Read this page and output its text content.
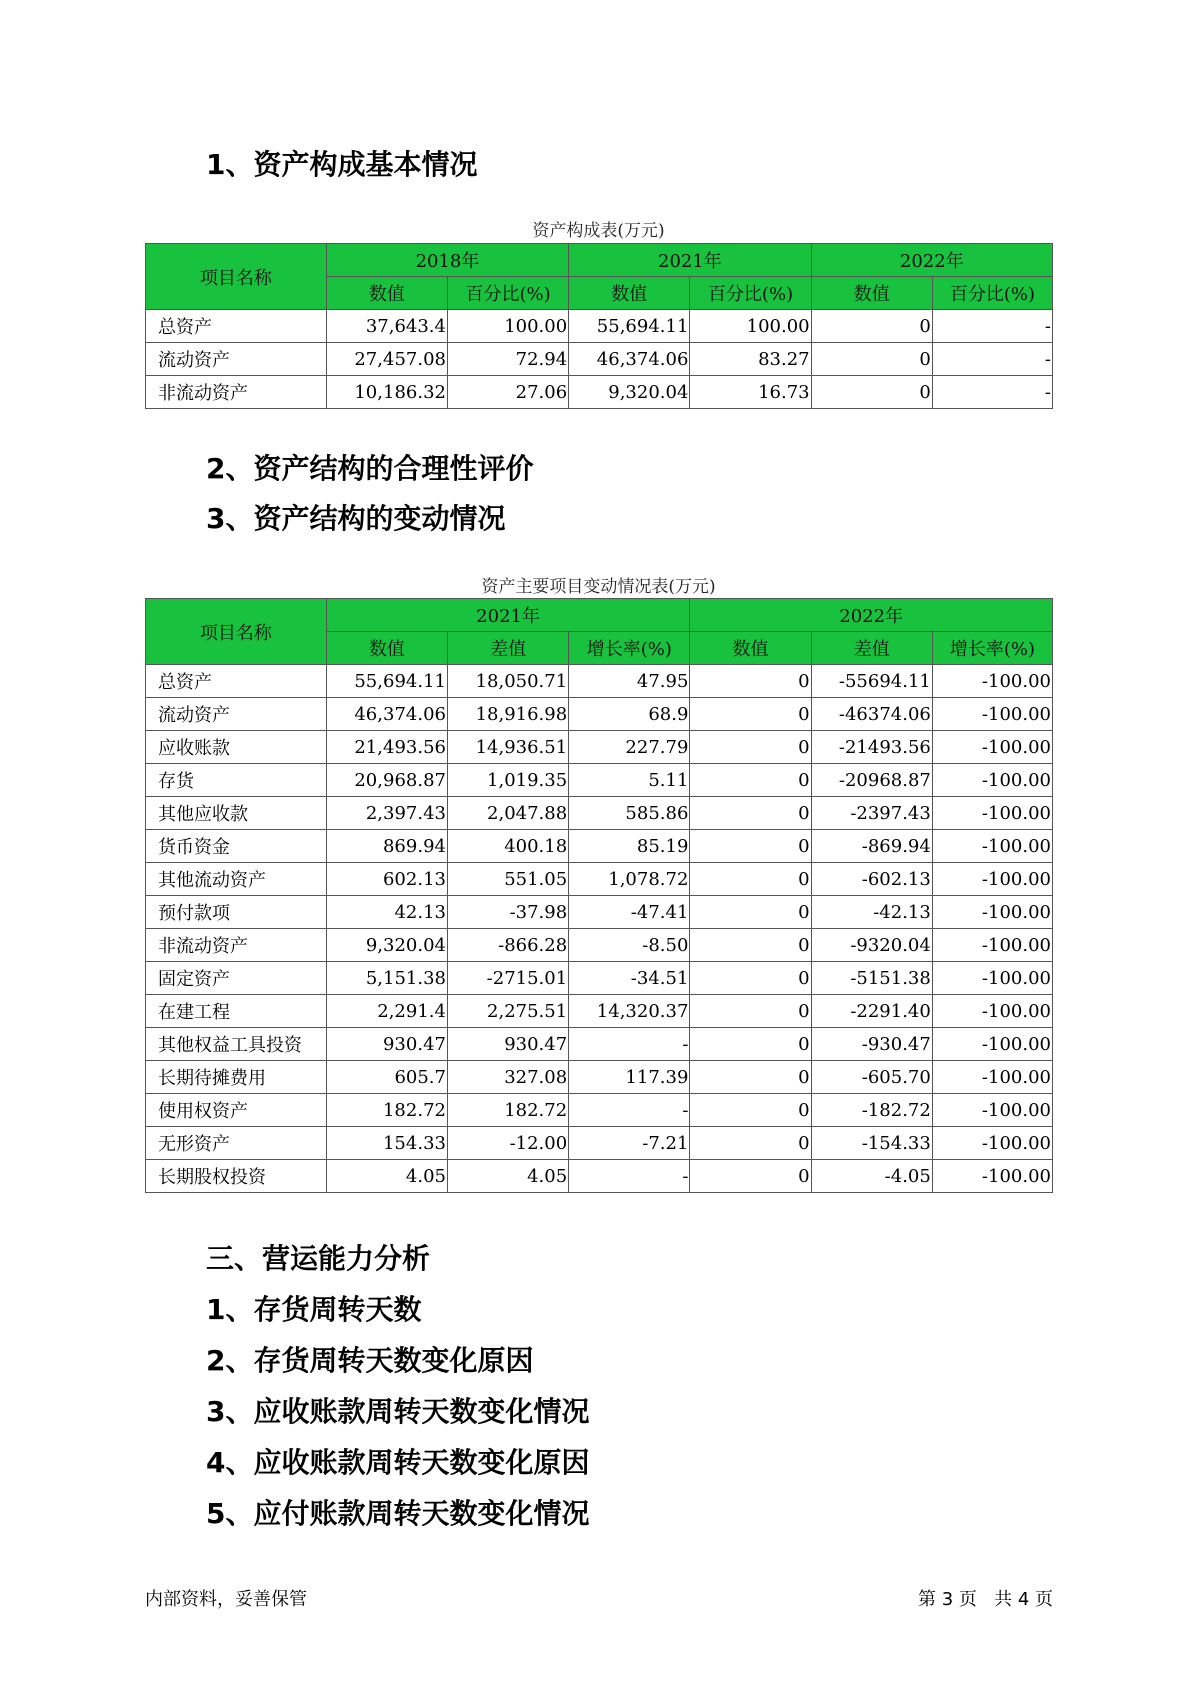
1、资产构成基本情况
资产构成表(万元)
项目名称	2018年		2021年		2022年	
	数值	百分比(%)	数值	百分比(%)	数值	百分比(%)
总资产	37,643.4	100.00	55,694.11	100.00	0	-
流动资产	27,457.08	72.94	46,374.06	83.27	0	-
非流动资产	10,186.32	27.06	9,320.04	16.73	0	-
2、资产结构的合理性评价
3、资产结构的变动情况
资产主要项目变动情况表(万元)
项目名称	2021年			2022年		
	数值	差值	增长率(%)	数值	差值	增长率(%)
总资产	55,694.11	18,050.71	47.95	0	-55694.11	-100.00
流动资产	46,374.06	18,916.98	68.9	0	-46374.06	-100.00
应收账款	21,493.56	14,936.51	227.79	0	-21493.56	-100.00
存货	20,968.87	1,019.35	5.11	0	-20968.87	-100.00
其他应收款	2,397.43	2,047.88	585.86	0	-2397.43	-100.00
货币资金	869.94	400.18	85.19	0	-869.94	-100.00
其他流动资产	602.13	551.05	1,078.72	0	-602.13	-100.00
预付款项	42.13	-37.98	-47.41	0	-42.13	-100.00
非流动资产	9,320.04	-866.28	-8.50	0	-9320.04	-100.00
固定资产	5,151.38	-2715.01	-34.51	0	-5151.38	-100.00
在建工程	2,291.4	2,275.51	14,320.37	0	-2291.40	-100.00
其他权益工具投资	930.47	930.47	-	0	-930.47	-100.00
长期待摊费用	605.7	327.08	117.39	0	-605.70	-100.00
使用权资产	182.72	182.72	-	0	-182.72	-100.00
无形资产	154.33	-12.00	-7.21	0	-154.33	-100.00
长期股权投资	4.05	4.05	-	0	-4.05	-100.00
三、营运能力分析
1、存货周转天数
2、存货周转天数变化原因
3、应收账款周转天数变化情况
4、应收账款周转天数变化原因
5、应付账款周转天数变化情况
内部资料，妥善保管	第 3 页   共 4 页
